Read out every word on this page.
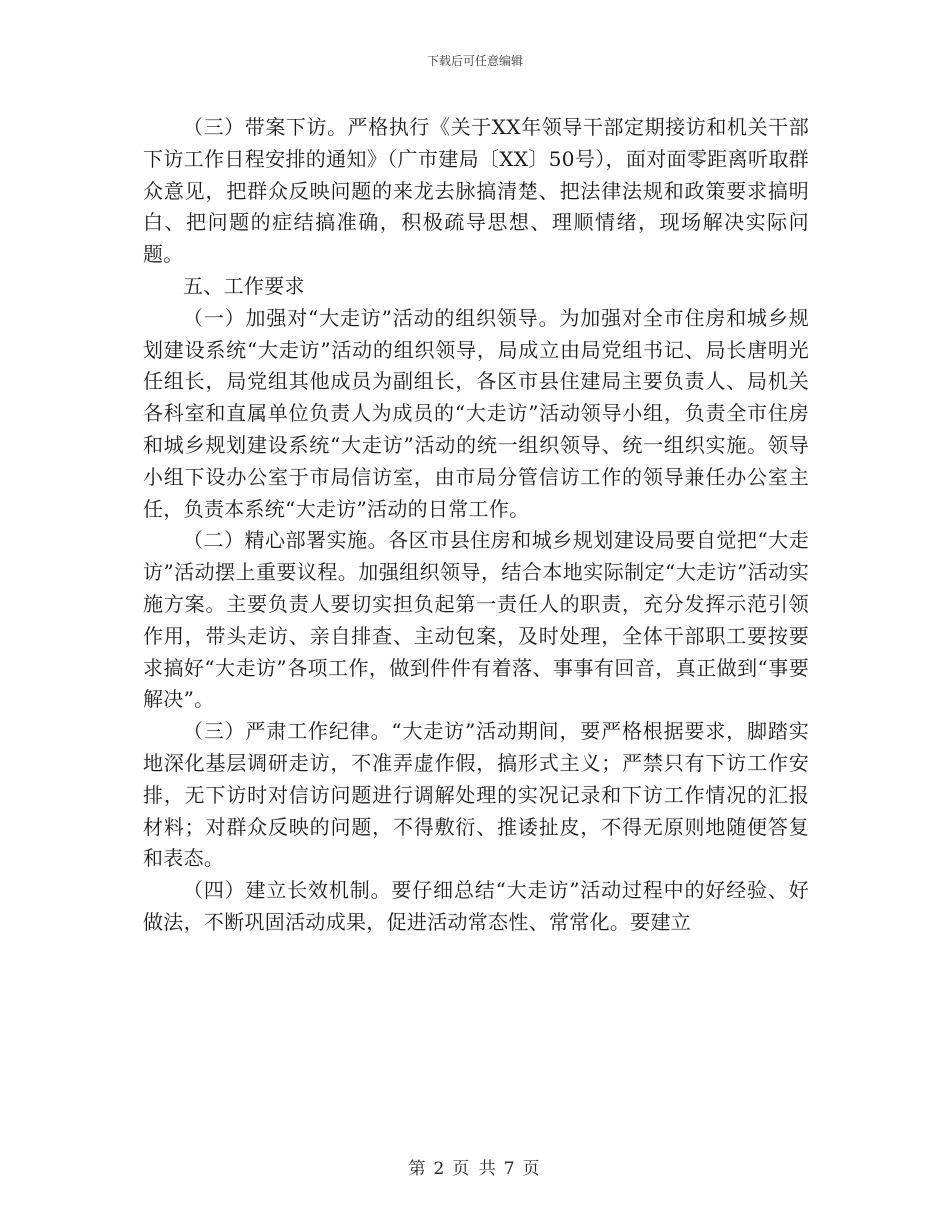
下载后可任意编辑

（三）带案下访。严格执行《关于XX年领导干部定期接访和机关干部下访工作日程安排的通知》（广市建局〔XX〕50号），面对面零距离听取群众意见，把群众反映问题的来龙去脉搞清楚、把法律法规和政策要求搞明白、把问题的症结搞准确，积极疏导思想、理顺情绪，现场解决实际问题。

五、工作要求

（一）加强对“大走访”活动的组织领导。为加强对全市住房和城乡规划建设系统“大走访”活动的组织领导，局成立由局党组书记、局长唐明光任组长，局党组其他成员为副组长，各区市县住建局主要负责人、局机关各科室和直属单位负责人为成员的“大走访”活动领导小组，负责全市住房和城乡规划建设系统“大走访”活动的统一组织领导、统一组织实施。领导小组下设办公室于市局信访室，由市局分管信访工作的领导兼任办公室主任，负责本系统“大走访”活动的日常工作。

（二）精心部署实施。各区市县住房和城乡规划建设局要自觉把“大走访”活动摆上重要议程。加强组织领导，结合本地实际制定“大走访”活动实施方案。主要负责人要切实担负起第一责任人的职责，充分发挥示范引领作用，带头走访、亲自排查、主动包案，及时处理，全体干部职工要按要求搞好“大走访”各项工作，做到件件有着落、事事有回音，真正做到“事要解决”。

（三）严肃工作纪律。“大走访”活动期间，要严格根据要求，脚踏实地深化基层调研走访，不准弄虚作假，搞形式主义；严禁只有下访工作安排，无下访时对信访问题进行调解处理的实况记录和下访工作情况的汇报材料；对群众反映的问题，不得敷衍、推诿扯皮，不得无原则地随便答复和表态。

（四）建立长效机制。要仔细总结“大走访”活动过程中的好经验、好做法，不断巩固活动成果，促进活动常态性、常常化。要建立

第 2 页 共 7 页
